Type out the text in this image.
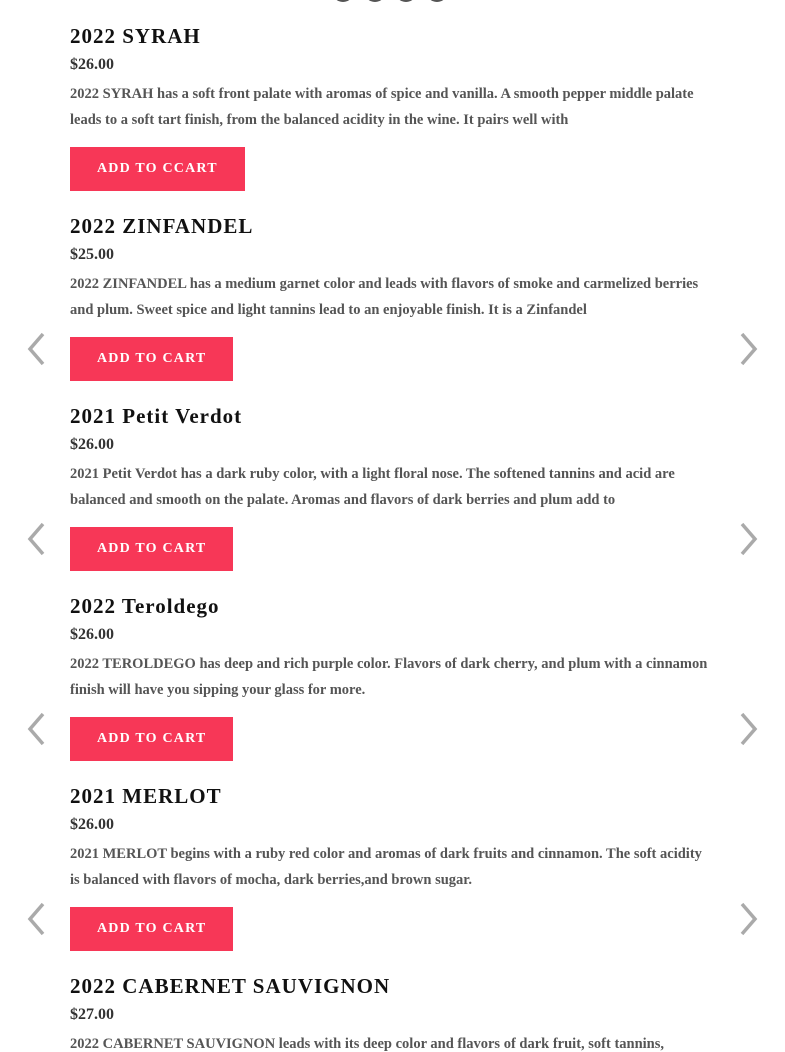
2022 SYRAH
$26.00
2022 SYRAH has a soft front palate with aromas of spice and vanilla. A smooth pepper middle palate leads to a soft tart finish, from the balanced acidity in the wine. It pairs well with
ADD TO CCART
2022 ZINFANDEL
$25.00
2022 ZINFANDEL has a medium garnet color and leads with flavors of smoke and carmelized berries and plum. Sweet spice and light tannins lead to an enjoyable finish. It is a Zinfandel
ADD TO CART
2021 Petit Verdot
$26.00
2021 Petit Verdot has a dark ruby color, with a light floral nose. The softened tannins and acid are balanced and smooth on the palate. Aromas and flavors of dark berries and plum add to
ADD TO CART
2022 Teroldego
$26.00
2022 TEROLDEGO has deep and rich purple color. Flavors of dark cherry, and plum with a cinnamon finish will have you sipping your glass for more.
ADD TO CART
2021 MERLOT
$26.00
2021 MERLOT begins with a ruby red color and aromas of dark fruits and cinnamon. The soft acidity is balanced with flavors of mocha, dark berries,and brown sugar.
ADD TO CART
2022 CABERNET SAUVIGNON
$27.00
2022 CABERNET SAUVIGNON leads with its deep color and flavors of dark fruit, soft tannins,
